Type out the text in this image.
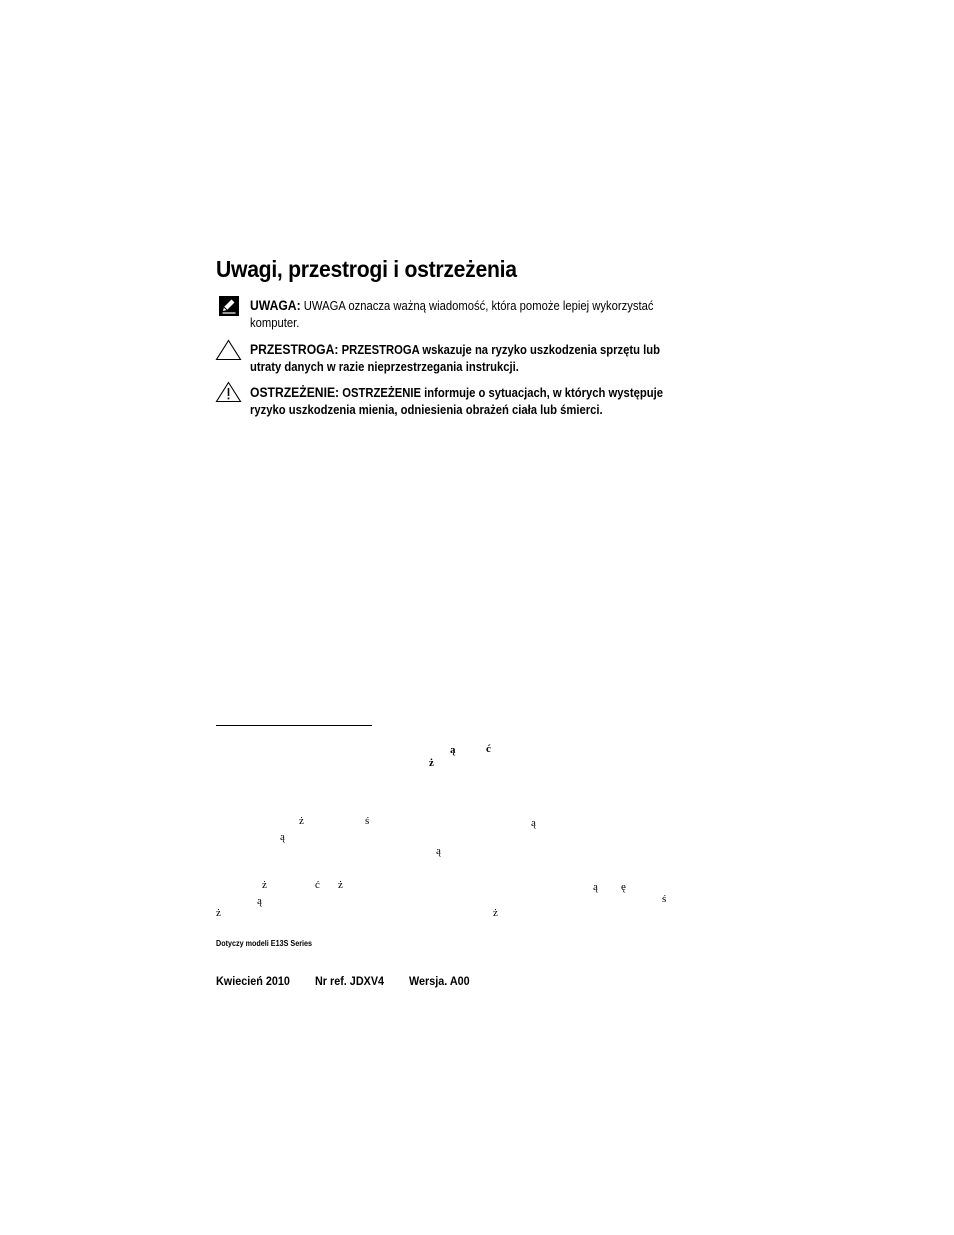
Uwagi, przestrogi i ostrzeżenia
UWAGA: UWAGA oznacza ważną wiadomość, która pomoże lepiej wykorzystać komputer.
PRZESTROGA: PRZESTROGA wskazuje na ryzyko uszkodzenia sprzętu lub utraty danych w razie nieprzestrzegania instrukcji.
OSTRZEŻENIE: OSTRZEŻENIE informuje o sytuacjach, w których występuje ryzyko uszkodzenia mienia, odniesienia obrażeń ciała lub śmierci.
ą	ć
ż
ż	ś	ą
ą
ą
ż	ć ż	ą ę
ą	ś
ż	ż
Dotyczy modeli E13S Series
Kwiecień 2010 Nr ref. JDXV4 Wersja. A00
